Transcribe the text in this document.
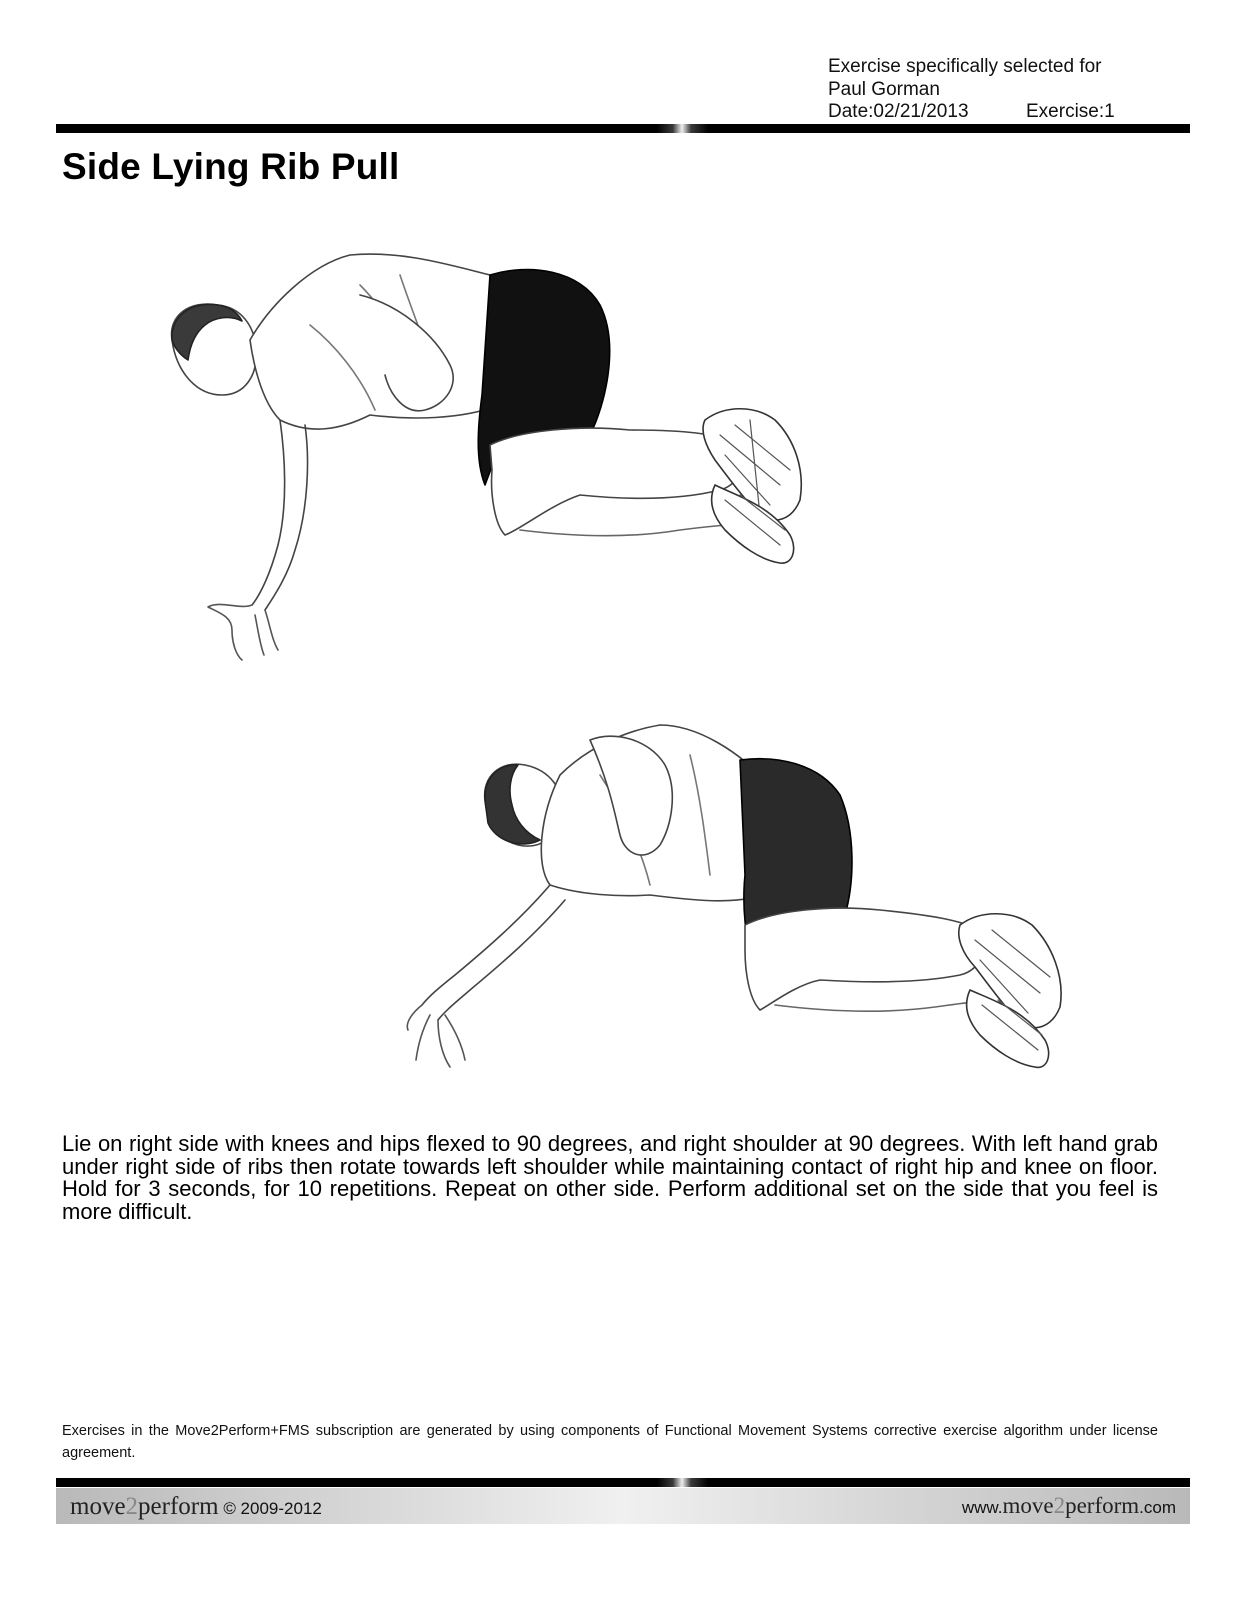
Exercise specifically selected for
Paul Gorman
Date:02/21/2013	Exercise:1
Side Lying Rib Pull

Lie on right side with knees and hips flexed to 90 degrees, and right shoulder at 90 degrees. With left hand grab under right side of ribs then rotate towards left shoulder while maintaining contact of right hip and knee on floor. Hold for 3 seconds, for 10 repetitions. Repeat on other side. Perform additional set on the side that you feel is more difficult.

Exercises in the Move2Perform+FMS subscription are generated by using components of Functional Movement Systems corrective exercise algorithm under license agreement.

move2perform © 2009-2012	www.move2perform.com
